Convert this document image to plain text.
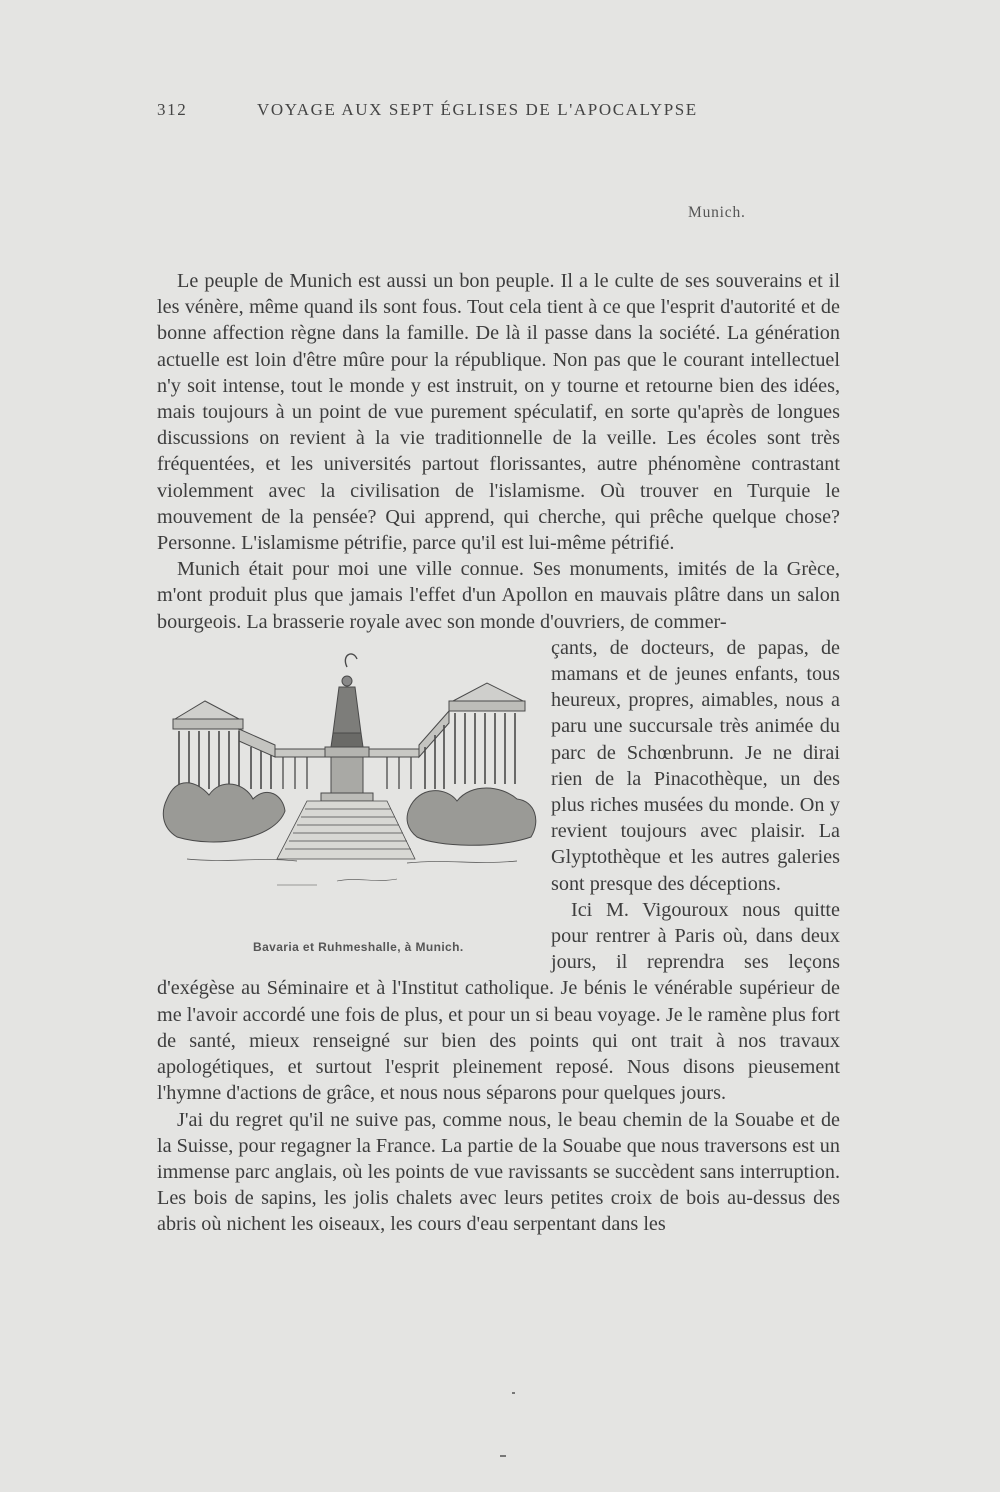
312	VOYAGE AUX SEPT ÉGLISES DE L'APOCALYPSE
Munich.

Le peuple de Munich est aussi un bon peuple. Il a le culte de ses souverains et il les vénère, même quand ils sont fous. Tout cela tient à ce que l'esprit d'autorité et de bonne affection règne dans la famille. De là il passe dans la société. La génération actuelle est loin d'être mûre pour la république. Non pas que le courant intellectuel n'y soit intense, tout le monde y est instruit, on y tourne et retourne bien des idées, mais toujours à un point de vue purement spéculatif, en sorte qu'après de longues discussions on revient à la vie traditionnelle de la veille. Les écoles sont très fréquentées, et les universités partout florissantes, autre phénomène contrastant violemment avec la civilisation de l'islamisme. Où trouver en Turquie le mouvement de la pensée? Qui apprend, qui cherche, qui prêche quelque chose? Personne. L'islamisme pétrifie, parce qu'il est lui-même pétrifié.

Munich était pour moi une ville connue. Ses monuments, imités de la Grèce, m'ont produit plus que jamais l'effet d'un Apollon en mauvais plâtre dans un salon bourgeois. La brasserie royale avec son monde d'ouvriers, de commer-

Bavaria et Ruhmeshalle, à Munich.
çants, de docteurs, de papas, de mamans et de jeunes enfants, tous heureux, propres, aimables, nous a paru une succursale très animée du parc de Schœnbrunn. Je ne dirai rien de la Pinacothèque, un des plus riches musées du monde. On y revient toujours avec plaisir. La Glyptothèque et les autres galeries sont presque des déceptions.

Ici M. Vigouroux nous quitte pour rentrer à Paris où, dans deux jours, il reprendra ses leçons d'exégèse au Séminaire et à l'Institut catholique. Je bénis le vénérable supérieur de me l'avoir accordé une fois de plus, et pour un si beau voyage. Je le ramène plus fort de santé, mieux renseigné sur bien des points qui ont trait à nos travaux apologétiques, et surtout l'esprit pleinement reposé. Nous disons pieusement l'hymne d'actions de grâce, et nous nous séparons pour quelques jours.

J'ai du regret qu'il ne suive pas, comme nous, le beau chemin de la Souabe et de la Suisse, pour regagner la France. La partie de la Souabe que nous traversons est un immense parc anglais, où les points de vue ravissants se succèdent sans interruption. Les bois de sapins, les jolis chalets avec leurs petites croix de bois au-dessus des abris où nichent les oiseaux, les cours d'eau serpentant dans les
